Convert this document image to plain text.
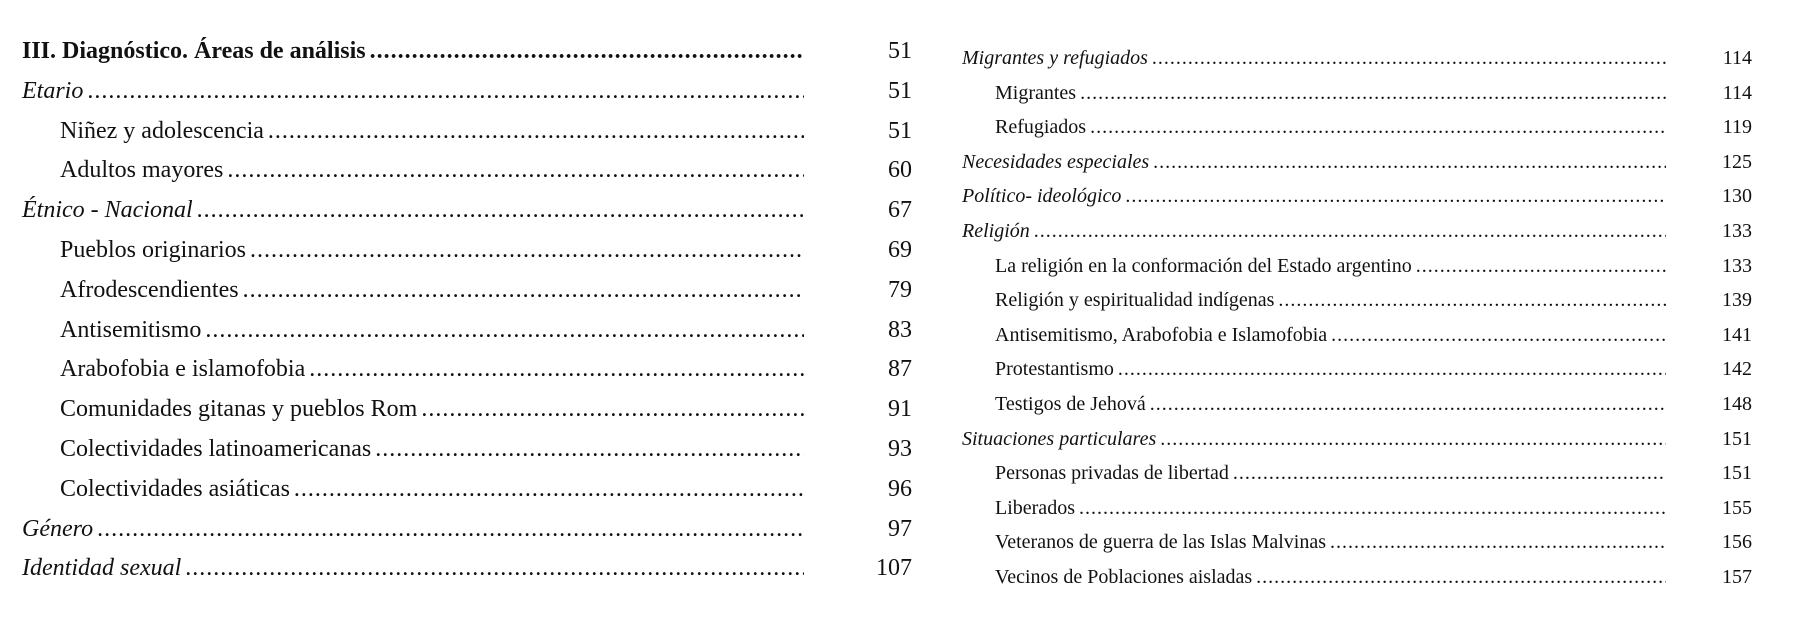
III. Diagnóstico. Áreas de análisis .....	51
Etario .....	51
Niñez y adolescencia .....	51
Adultos mayores .....	60
Étnico - Nacional .....	67
Pueblos originarios .....	69
Afrodescendientes .....	79
Antisemitismo .....	83
Arabofobia e islamofobia .....	87
Comunidades gitanas y pueblos Rom .....	91
Colectividades latinoamericanas .....	93
Colectividades asiáticas .....	96
Género .....	97
Identidad sexual .....	107
Migrantes y refugiados .....	114
Migrantes .....	114
Refugiados .....	119
Necesidades especiales .....	125
Político- ideológico .....	130
Religión .....	133
La religión en la conformación del Estado argentino .....	133
Religión y espiritualidad indígenas .....	139
Antisemitismo, Arabofobia e Islamofobia .....	141
Protestantismo .....	142
Testigos de Jehová .....	148
Situaciones particulares .....	151
Personas privadas de libertad .....	151
Liberados .....	155
Veteranos de guerra de las Islas Malvinas .....	156
Vecinos de Poblaciones aisladas .....	157
